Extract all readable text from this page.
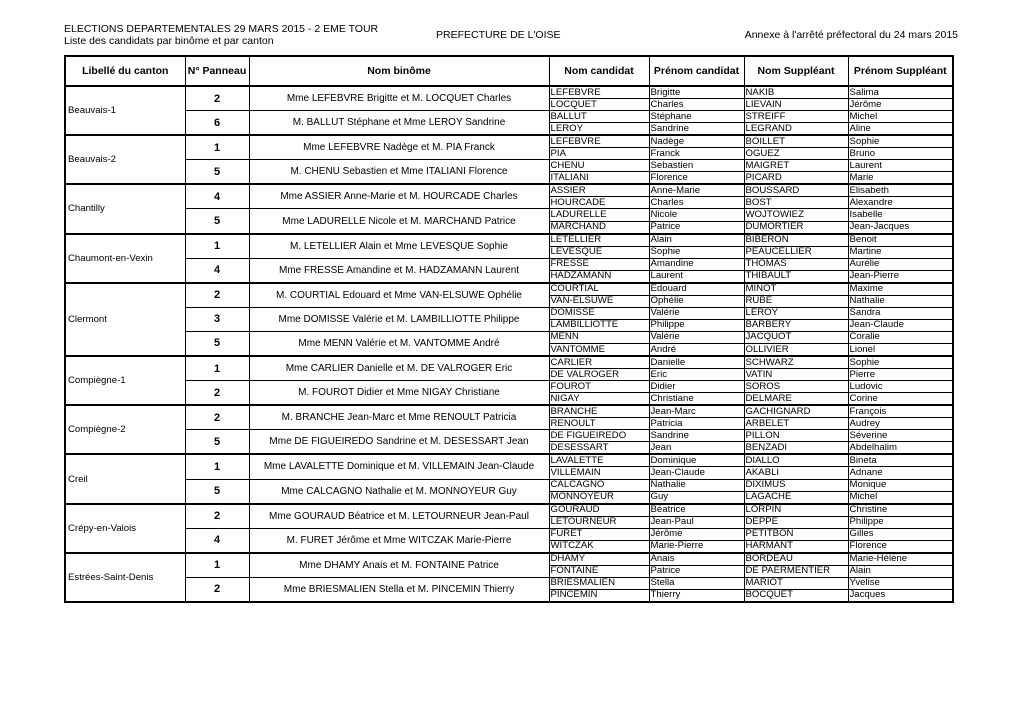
ELECTIONS DEPARTEMENTALES 29 MARS 2015 - 2 EME TOUR
Liste des candidats par binôme et par canton	PREFECTURE DE L'OISE	Annexe à l'arrêté préfectoral du 24 mars 2015
Libellé du canton	N° Panneau	Nom binôme	Nom candidat	Prénom candidat	Nom Suppléant	Prénom Suppléant
Beauvais-1	2	Mme LEFEBVRE Brigitte et M. LOCQUET Charles	LEFEBVRE	Brigitte	NAKIB	Salima
			LOCQUET	Charles	LIEVAIN	Jérôme
	6	M. BALLUT Stéphane et Mme LEROY Sandrine	BALLUT	Stéphane	STREIFF	Michel
			LEROY	Sandrine	LEGRAND	Aline
Beauvais-2	1	Mme LEFEBVRE Nadège et M. PIA Franck	LEFEBVRE	Nadège	BOILLET	Sophie
			PIA	Franck	OGUEZ	Bruno
	5	M. CHENU Sebastien et Mme ITALIANI Florence	CHENU	Sebastien	MAIGRET	Laurent
			ITALIANI	Florence	PICARD	Marie
Chantilly	4	Mme ASSIER Anne-Marie et M. HOURCADE Charles	ASSIER	Anne-Marie	BOUSSARD	Elisabeth
			HOURCADE	Charles	BOST	Alexandre
	5	Mme LADURELLE Nicole et M. MARCHAND Patrice	LADURELLE	Nicole	WOJTOWIEZ	Isabelle
			MARCHAND	Patrice	DUMORTIER	Jean-Jacques
Chaumont-en-Vexin	1	M. LETELLIER Alain et Mme LEVESQUE Sophie	LETELLIER	Alain	BIBERON	Benoit
			LEVESQUE	Sophie	PEAUCELLIER	Martine
	4	Mme FRESSE Amandine et M. HADZAMANN Laurent	FRESSE	Amandine	THOMAS	Aurélie
			HADZAMANN	Laurent	THIBAULT	Jean-Pierre
Clermont	2	M. COURTIAL Edouard et Mme VAN-ELSUWE Ophélie	COURTIAL	Edouard	MINOT	Maxime
			VAN-ELSUWE	Ophélie	RUBE	Nathalie
	3	Mme DOMISSE Valérie et M. LAMBILLIOTTE Philippe	DOMISSE	Valérie	LEROY	Sandra
			LAMBILLIOTTE	Philippe	BARBERY	Jean-Claude
	5	Mme MENN Valérie et M. VANTOMME André	MENN	Valérie	JACQUOT	Coralie
			VANTOMME	André	OLLIVIER	Lionel
Compiègne-1	1	Mme CARLIER Danielle et M. DE VALROGER Eric	CARLIER	Danielle	SCHWARZ	Sophie
			DE VALROGER	Eric	VATIN	Pierre
	2	M. FOUROT Didier et Mme NIGAY Christiane	FOUROT	Didier	SOROS	Ludovic
			NIGAY	Christiane	DELMARE	Corine
Compiègne-2	2	M. BRANCHE Jean-Marc et Mme RENOULT Patricia	BRANCHE	Jean-Marc	GACHIGNARD	François
			RENOULT	Patricia	ARBELET	Audrey
	5	Mme DE FIGUEIREDO Sandrine et M. DESESSART Jean	DE FIGUEIREDO	Sandrine	PILLON	Séverine
			DESESSART	Jean	BENZADI	Abdelhalim
Creil	1	Mme LAVALETTE Dominique et M. VILLEMAIN Jean-Claude	LAVALETTE	Dominique	DIALLO	Bineta
			VILLEMAIN	Jean-Claude	AKABLI	Adnane
	5	Mme CALCAGNO Nathalie et M. MONNOYEUR Guy	CALCAGNO	Nathalie	DIXIMUS	Monique
			MONNOYEUR	Guy	LAGACHE	Michel
Crépy-en-Valois	2	Mme GOURAUD Béatrice et M. LETOURNEUR Jean-Paul	GOURAUD	Béatrice	LORPIN	Christine
			LETOURNEUR	Jean-Paul	DEPPE	Philippe
	4	M. FURET Jérôme et Mme WITCZAK Marie-Pierre	FURET	Jérôme	PETITBON	Gilles
			WITCZAK	Marie-Pierre	HARMANT	Florence
Estrées-Saint-Denis	1	Mme DHAMY Anais et M. FONTAINE Patrice	DHAMY	Anais	BORDEAU	Marie-Hélène
			FONTAINE	Patrice	DE PAERMENTIER	Alain
	2	Mme BRIESMALIEN Stella et M. PINCEMIN Thierry	BRIESMALIEN	Stella	MARIOT	Yvelise
			PINCEMIN	Thierry	BOCQUET	Jacques
